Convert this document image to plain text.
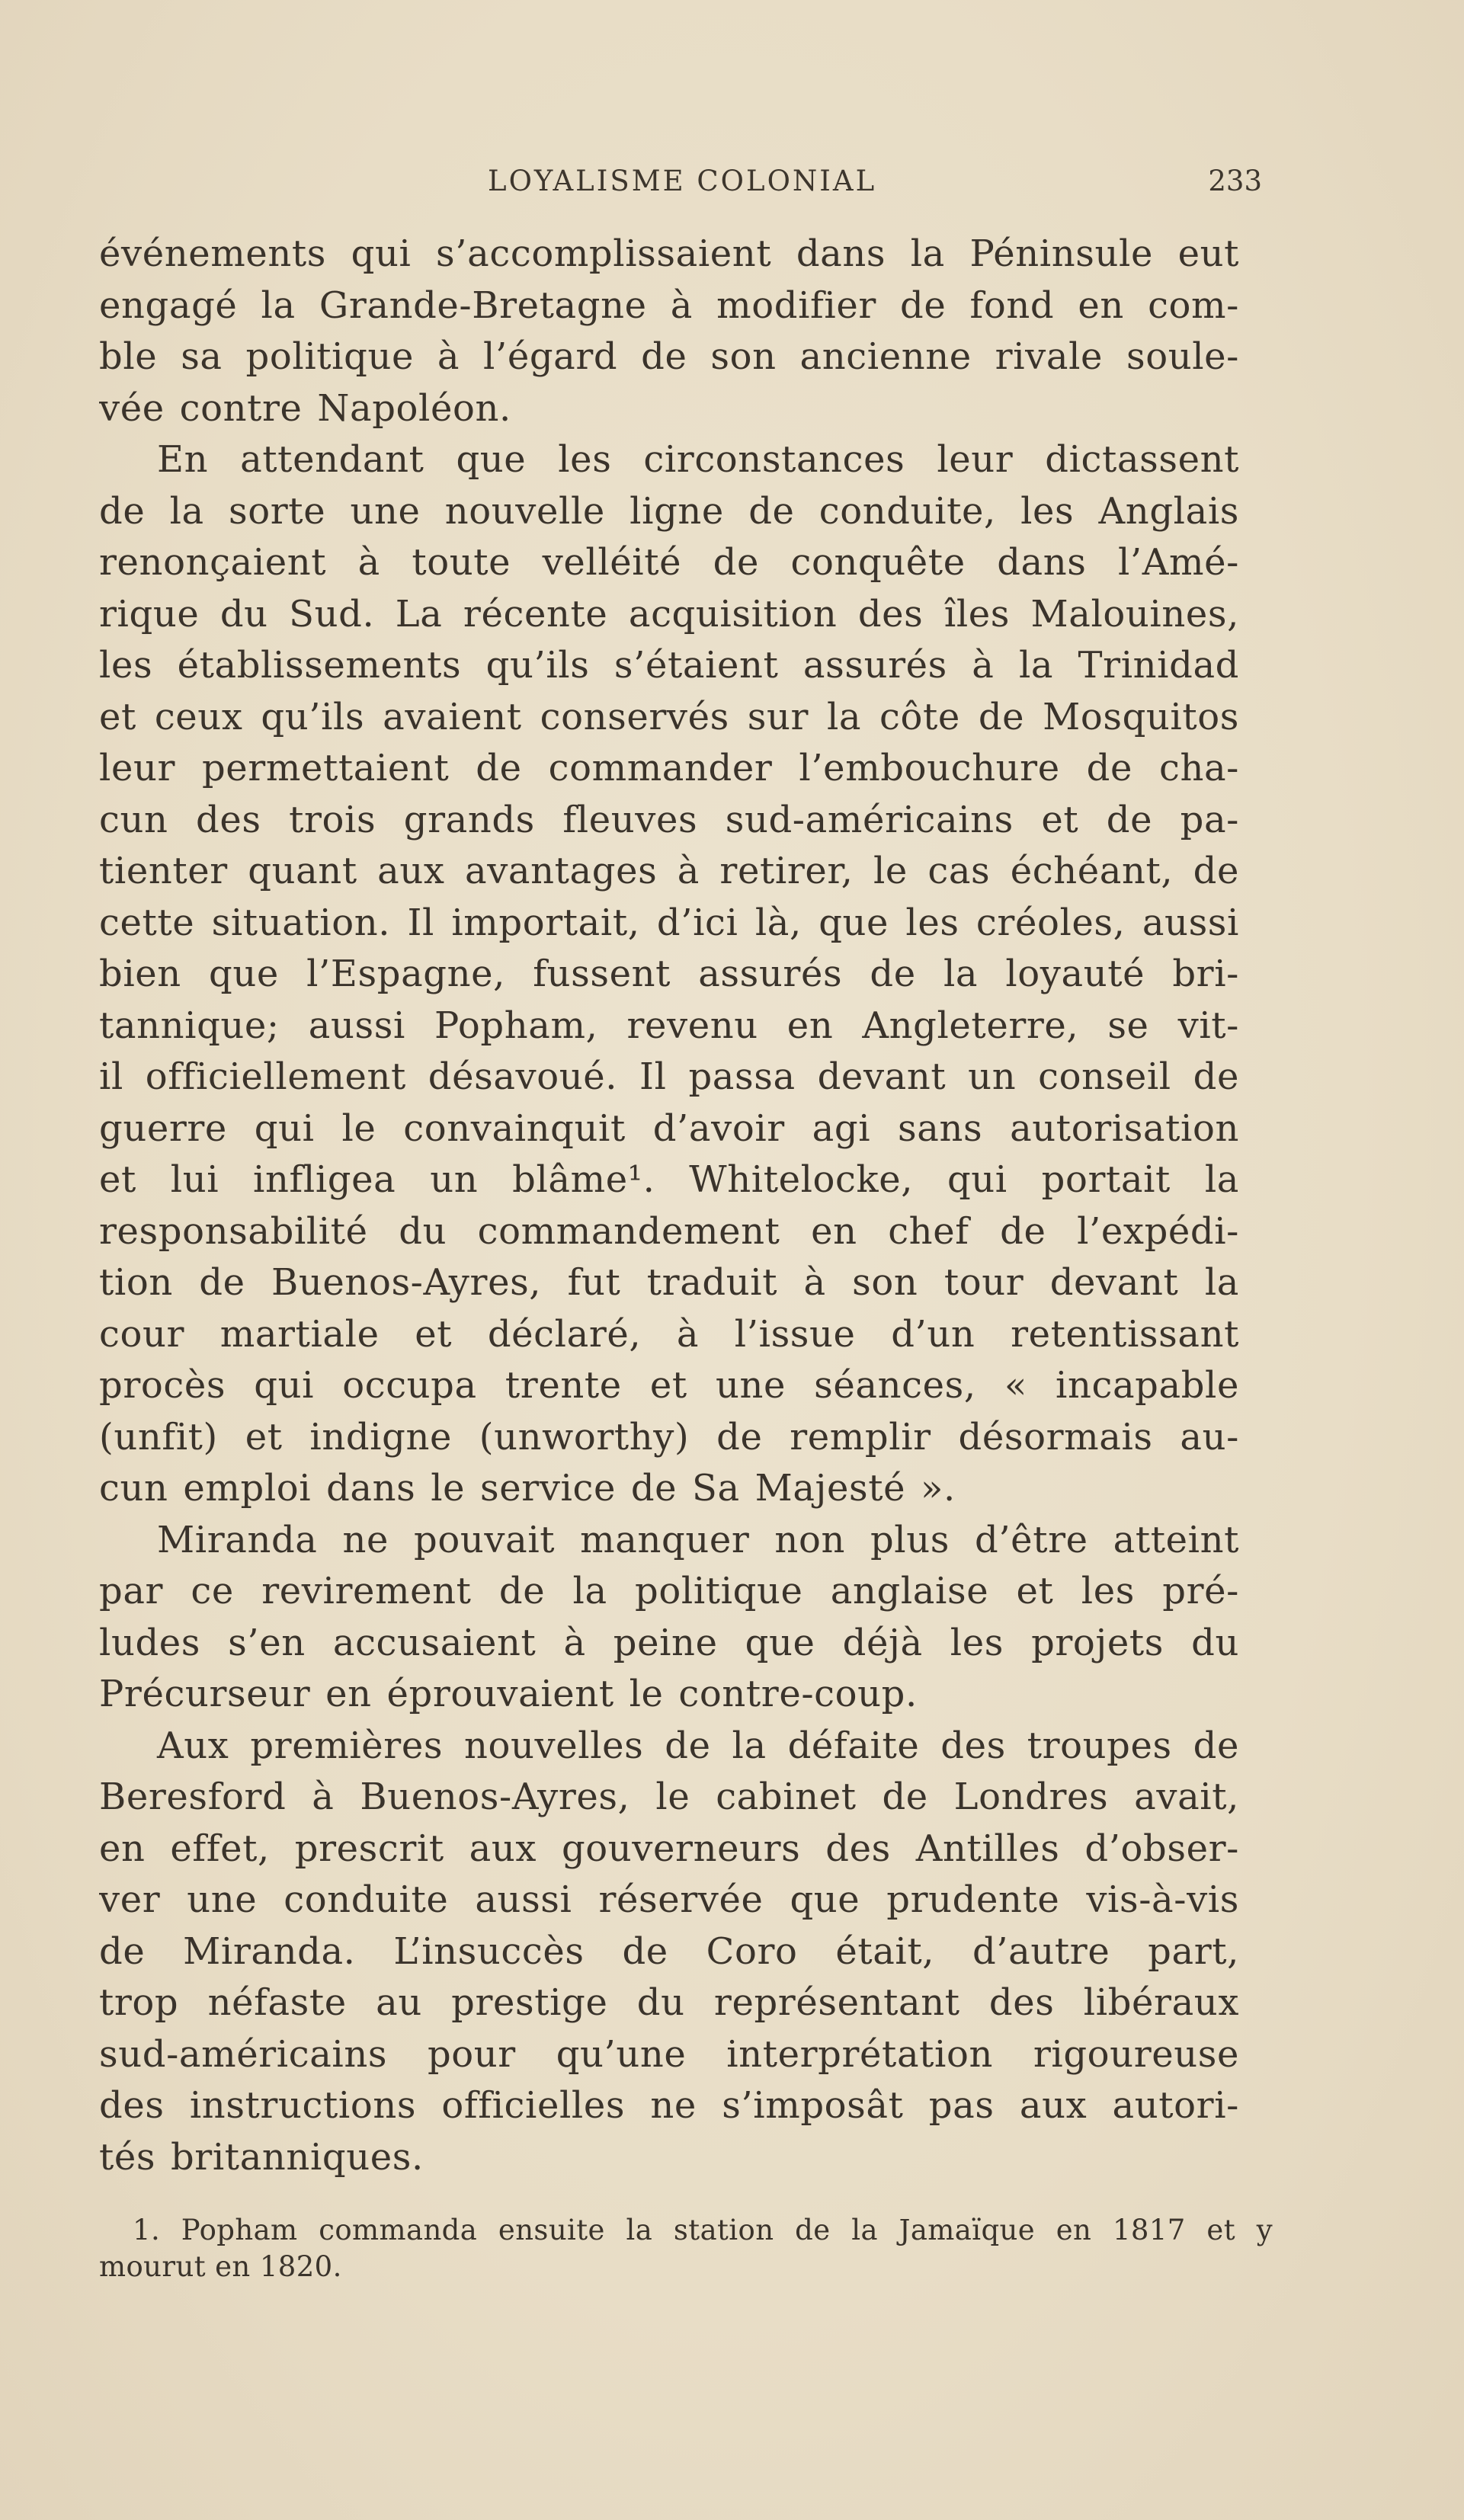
LOYALISME COLONIAL	233
événements qui s’accomplissaient dans la Péninsule eut
engagé la Grande-Bretagne à modifier de fond en com-
ble sa politique à l’égard de son ancienne rivale soule-
vée contre Napoléon.
En attendant que les circonstances leur dictassent
de la sorte une nouvelle ligne de conduite, les Anglais
renonçaient à toute velléité de conquête dans l’Amé-
rique du Sud. La récente acquisition des îles Malouines,
les établissements qu’ils s’étaient assurés à la Trinidad
et ceux qu’ils avaient conservés sur la côte de Mosquitos
leur permettaient de commander l’embouchure de cha-
cun des trois grands fleuves sud-américains et de pa-
tienter quant aux avantages à retirer, le cas échéant, de
cette situation. Il importait, d’ici là, que les créoles, aussi
bien que l’Espagne, fussent assurés de la loyauté bri-
tannique; aussi Popham, revenu en Angleterre, se vit-
il officiellement désavoué. Il passa devant un conseil de
guerre qui le convainquit d’avoir agi sans autorisation
et lui infligea un blâme¹. Whitelocke, qui portait la
responsabilité du commandement en chef de l’expédi-
tion de Buenos-Ayres, fut traduit à son tour devant la
cour martiale et déclaré, à l’issue d’un retentissant
procès qui occupa trente et une séances, « incapable
(unfit) et indigne (unworthy) de remplir désormais au-
cun emploi dans le service de Sa Majesté ».
Miranda ne pouvait manquer non plus d’être atteint
par ce revirement de la politique anglaise et les pré-
ludes s’en accusaient à peine que déjà les projets du
Précurseur en éprouvaient le contre-coup.
Aux premières nouvelles de la défaite des troupes de
Beresford à Buenos-Ayres, le cabinet de Londres avait,
en effet, prescrit aux gouverneurs des Antilles d’obser-
ver une conduite aussi réservée que prudente vis-à-vis
de Miranda. L’insuccès de Coro était, d’autre part,
trop néfaste au prestige du représentant des libéraux
sud-américains pour qu’une interprétation rigoureuse
des instructions officielles ne s’imposât pas aux autori-
tés britanniques.
1. Popham commanda ensuite la station de la Jamaïque en 1817 et y
mourut en 1820.
